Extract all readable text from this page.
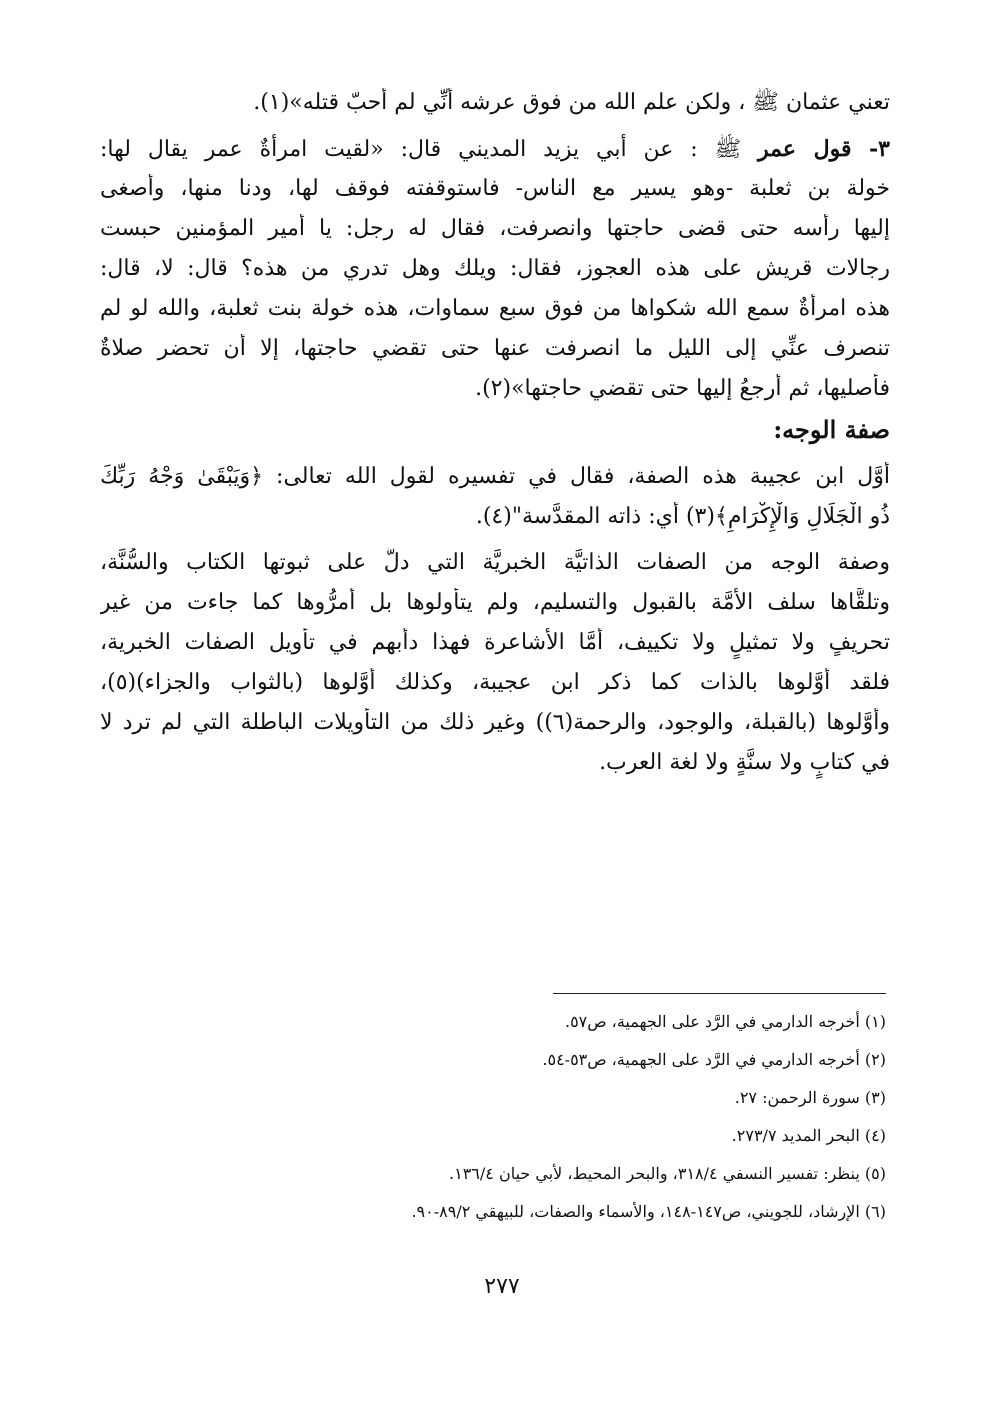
تعني عثمان ﷺ ، ولكن علم الله من فوق عرشه أنِّي لم أحبّ قتله»(١).
٣- قول عمر ﷺ : عن أبي يزيد المديني قال: «لقيت امرأةٌ عمر يقال لها:
خولة بن ثعلبة -وهو يسير مع الناس- فاستوقفته فوقف لها، ودنا منها، وأصغى
إليها رأسه حتى قضى حاجتها وانصرفت، فقال له رجل: يا أمير المؤمنين حبست
رجالات قريش على هذه العجوز، فقال: ويلك وهل تدري من هذه؟ قال: لا، قال:
هذه امرأةٌ سمع الله شكواها من فوق سبع سماوات، هذه خولة بنت ثعلبة، والله لو لم
تنصرف عنِّي إلى الليل ما انصرفت عنها حتى تقضي حاجتها، إلا أن تحضر صلاةٌ
فأصليها، ثم أرجعُ إليها حتى تقضي حاجتها»(٢).
صفة الوجه:
أوَّل ابن عجيبة هذه الصفة، فقال في تفسيره لقول الله تعالى: ﴿وَيَبْقَىٰ وَجْهُ رَبِّكَ
ذُو الْجَلَالِ وَالْإِكْرَامِ﴾(٣) أي: ذاته المقدَّسة"(٤).
وصفة الوجه من الصفات الذاتيَّة الخبريَّة التي دلَّ على ثبوتها الكتاب والسُّنَّة،
وتلقَّاها سلف الأُمَّة بالقبول والتسليم، ولم يتأولوها بل أمرُّوها كما جاءت من غير
تحريفٍ ولا تمثيلٍ ولا تكييف، أمَّا الأشاعرة فهذا دأبهم في تأويل الصفات الخبرية،
فلقد أوَّلوها بالذات كما ذكر ابن عجيبة، وكذلك أوَّلوها (بالثواب والجزاء)(٥)،
وأوَّلوها (بالقبلة، والوجود، والرحمة(٦)) وغير ذلك من التأويلات الباطلة التي لم ترد لا
في كتابٍ ولا سنَّةٍ ولا لغة العرب.
(١) أخرجه الدارمي في الرَّد على الجهمية، ص٥٧.
(٢) أخرجه الدارمي في الرَّد على الجهمية، ص٥٣-٥٤.
(٣) سورة الرحمن: ٢٧.
(٤) البحر المديد ٢٧٣/٧.
(٥) ينظر: تفسير النسفي ٣١٨/٤، والبحر المحيط، لأبي حيان ١٣٦/٤.
(٦) الإرشاد، للجويني، ص١٤٧-١٤٨، والأسماء والصفات، للبيهقي ٨٩/٢-٩٠.
٢٧٧
